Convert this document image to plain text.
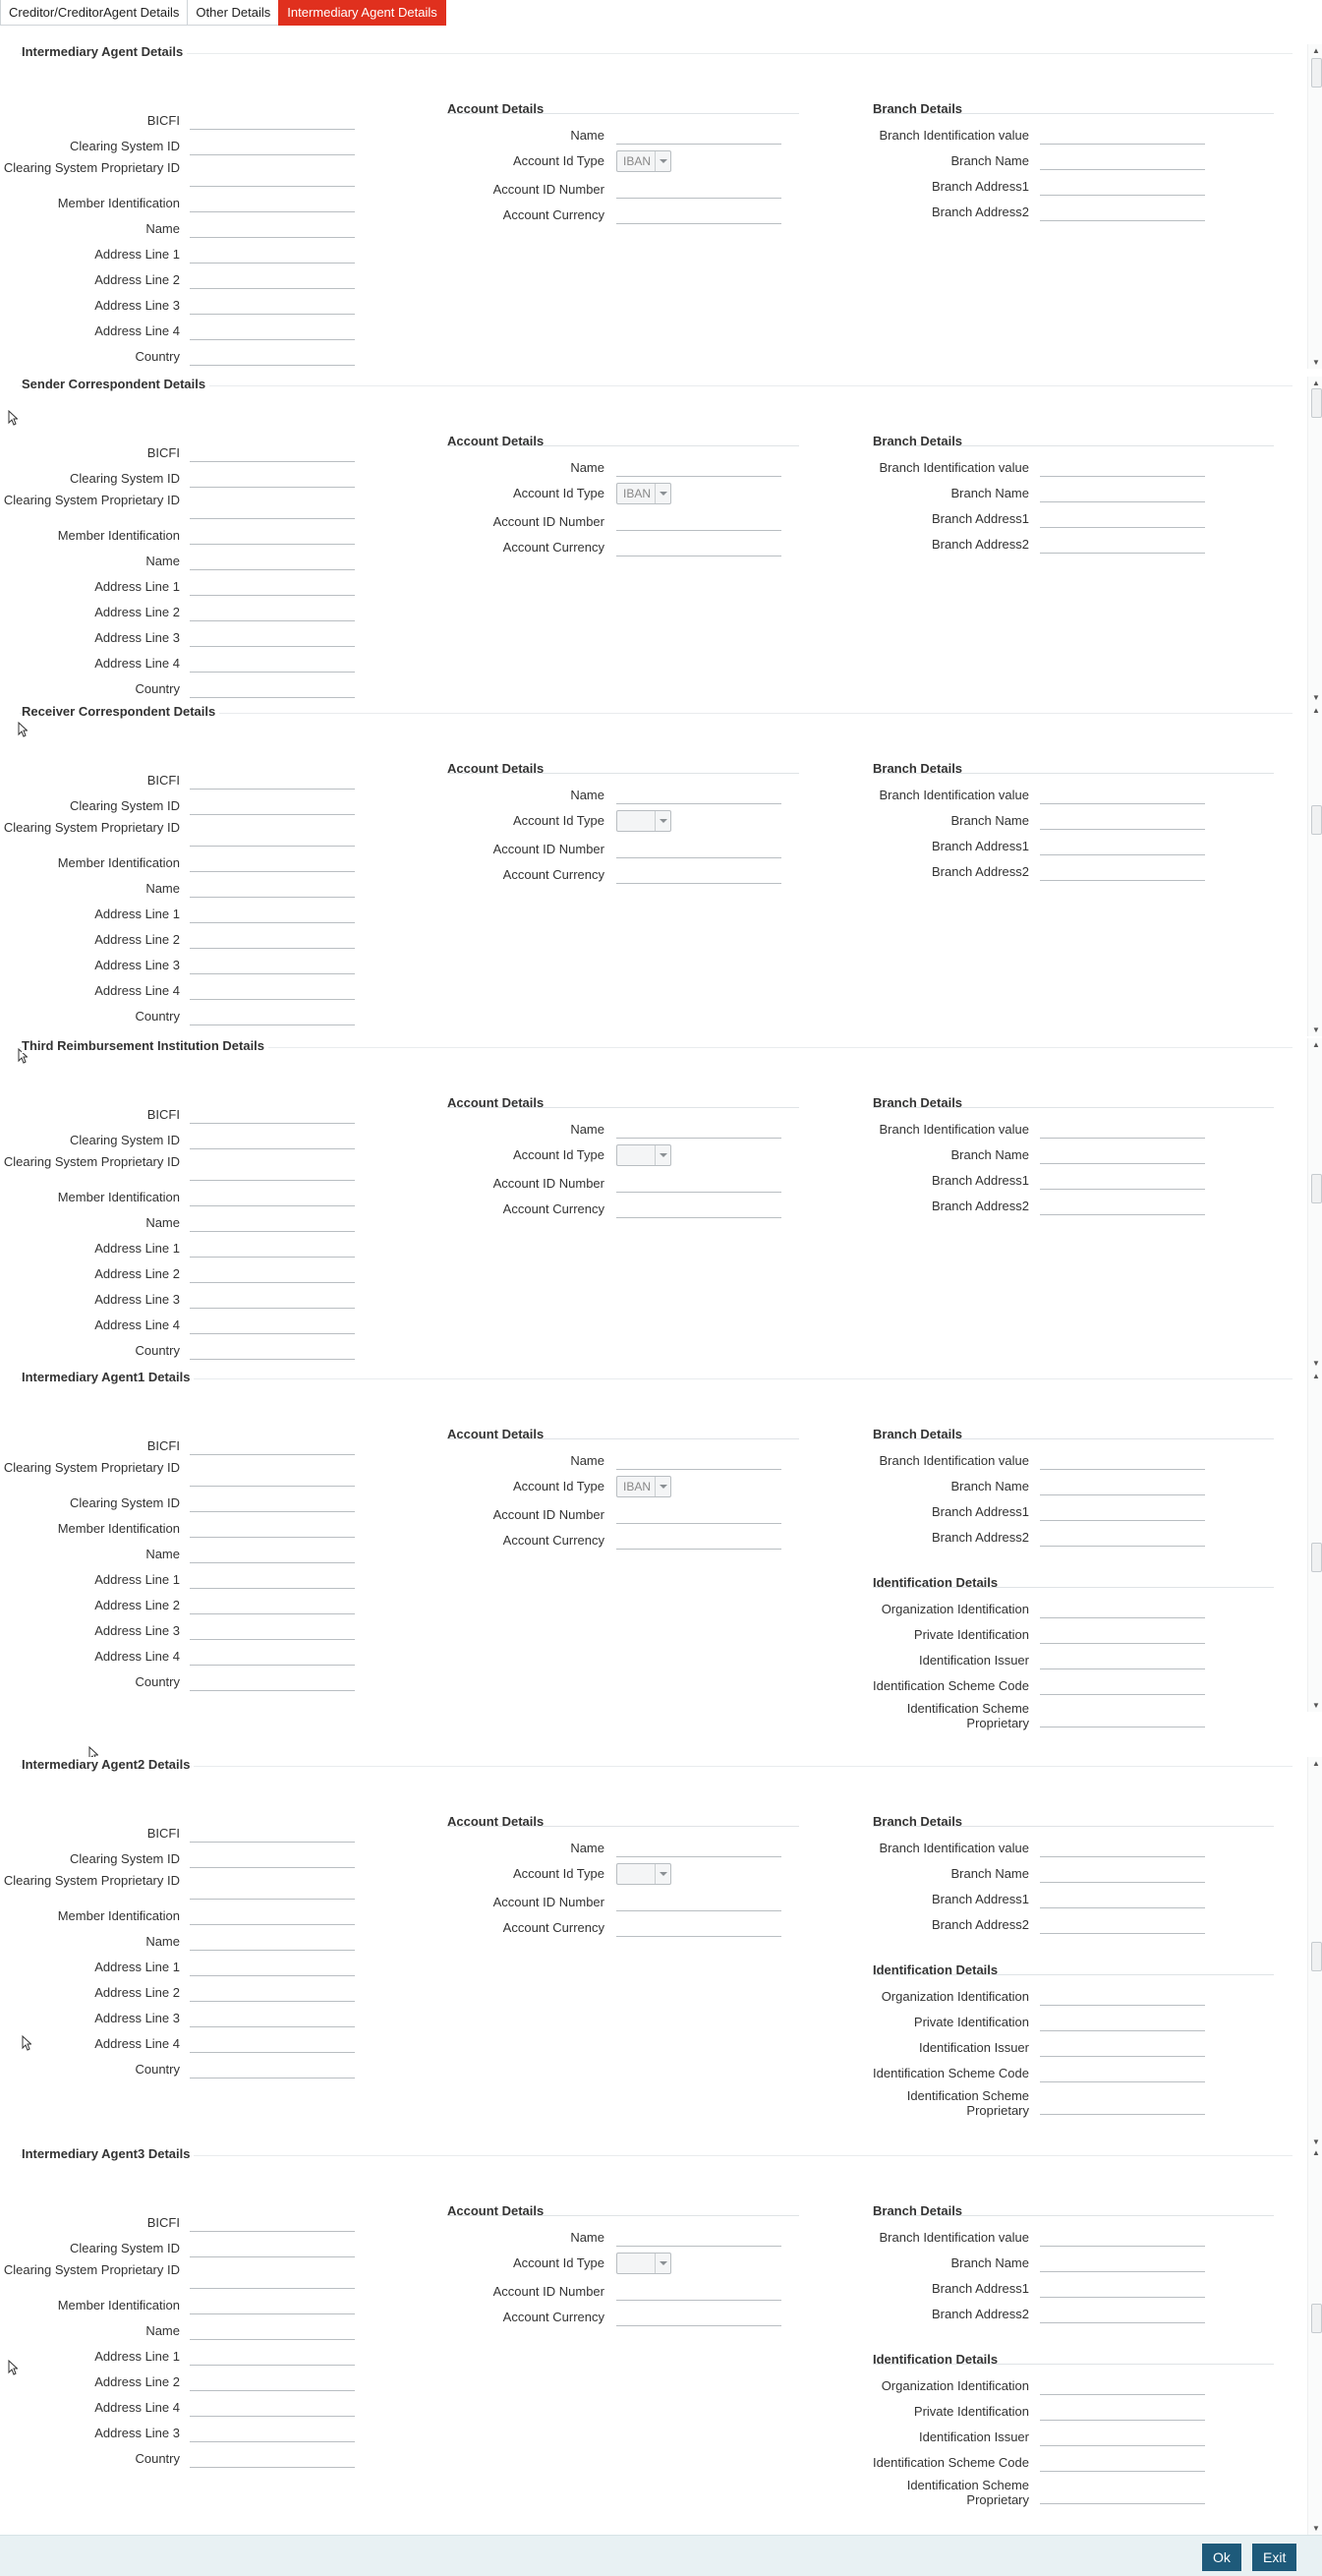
Creditor/CreditorAgent Details	Other Details	Intermediary Agent Details
Intermediary Agent Details
BICFI
Clearing System ID
Clearing System Proprietary ID
Member Identification
Name
Address Line 1
Address Line 2
Address Line 3
Address Line 4
Country
Account Details
Name
Account Id Type IBAN
Account ID Number
Account Currency
Branch Details
Branch Identification value
Branch Name
Branch Address1
Branch Address2
▲
▼
Sender Correspondent Details
BICFI
Clearing System ID
Clearing System Proprietary ID
Member Identification
Name
Address Line 1
Address Line 2
Address Line 3
Address Line 4
Country
Account Details
Name
Account Id Type IBAN
Account ID Number
Account Currency
Branch Details
Branch Identification value
Branch Name
Branch Address1
Branch Address2
▲
▼
Receiver Correspondent Details
BICFI
Clearing System ID
Clearing System Proprietary ID
Member Identification
Name
Address Line 1
Address Line 2
Address Line 3
Address Line 4
Country
Account Details
Name
Account Id Type
Account ID Number
Account Currency
Branch Details
Branch Identification value
Branch Name
Branch Address1
Branch Address2
▲
▼
Third Reimbursement Institution Details
BICFI
Clearing System ID
Clearing System Proprietary ID
Member Identification
Name
Address Line 1
Address Line 2
Address Line 3
Address Line 4
Country
Account Details
Name
Account Id Type
Account ID Number
Account Currency
Branch Details
Branch Identification value
Branch Name
Branch Address1
Branch Address2
▲
▼
Intermediary Agent1 Details
BICFI
Clearing System Proprietary ID
Clearing System ID
Member Identification
Name
Address Line 1
Address Line 2
Address Line 3
Address Line 4
Country
Account Details
Name
Account Id Type IBAN
Account ID Number
Account Currency
Branch Details
Branch Identification value
Branch Name
Branch Address1
Branch Address2
Identification Details
Organization Identification
Private Identification
Identification Issuer
Identification Scheme Code
Identification Scheme Proprietary
▲
▼
Intermediary Agent2 Details
BICFI
Clearing System ID
Clearing System Proprietary ID
Member Identification
Name
Address Line 1
Address Line 2
Address Line 3
Address Line 4
Country
Account Details
Name
Account Id Type
Account ID Number
Account Currency
Branch Details
Branch Identification value
Branch Name
Branch Address1
Branch Address2
Identification Details
Organization Identification
Private Identification
Identification Issuer
Identification Scheme Code
Identification Scheme Proprietary
▲
▼
Intermediary Agent3 Details
BICFI
Clearing System ID
Clearing System Proprietary ID
Member Identification
Name
Address Line 1
Address Line 2
Address Line 4
Address Line 3
Country
Account Details
Name
Account Id Type
Account ID Number
Account Currency
Branch Details
Branch Identification value
Branch Name
Branch Address1
Branch Address2
Identification Details
Organization Identification
Private Identification
Identification Issuer
Identification Scheme Code
Identification Scheme Proprietary
▲
▼
Ok	Exit
